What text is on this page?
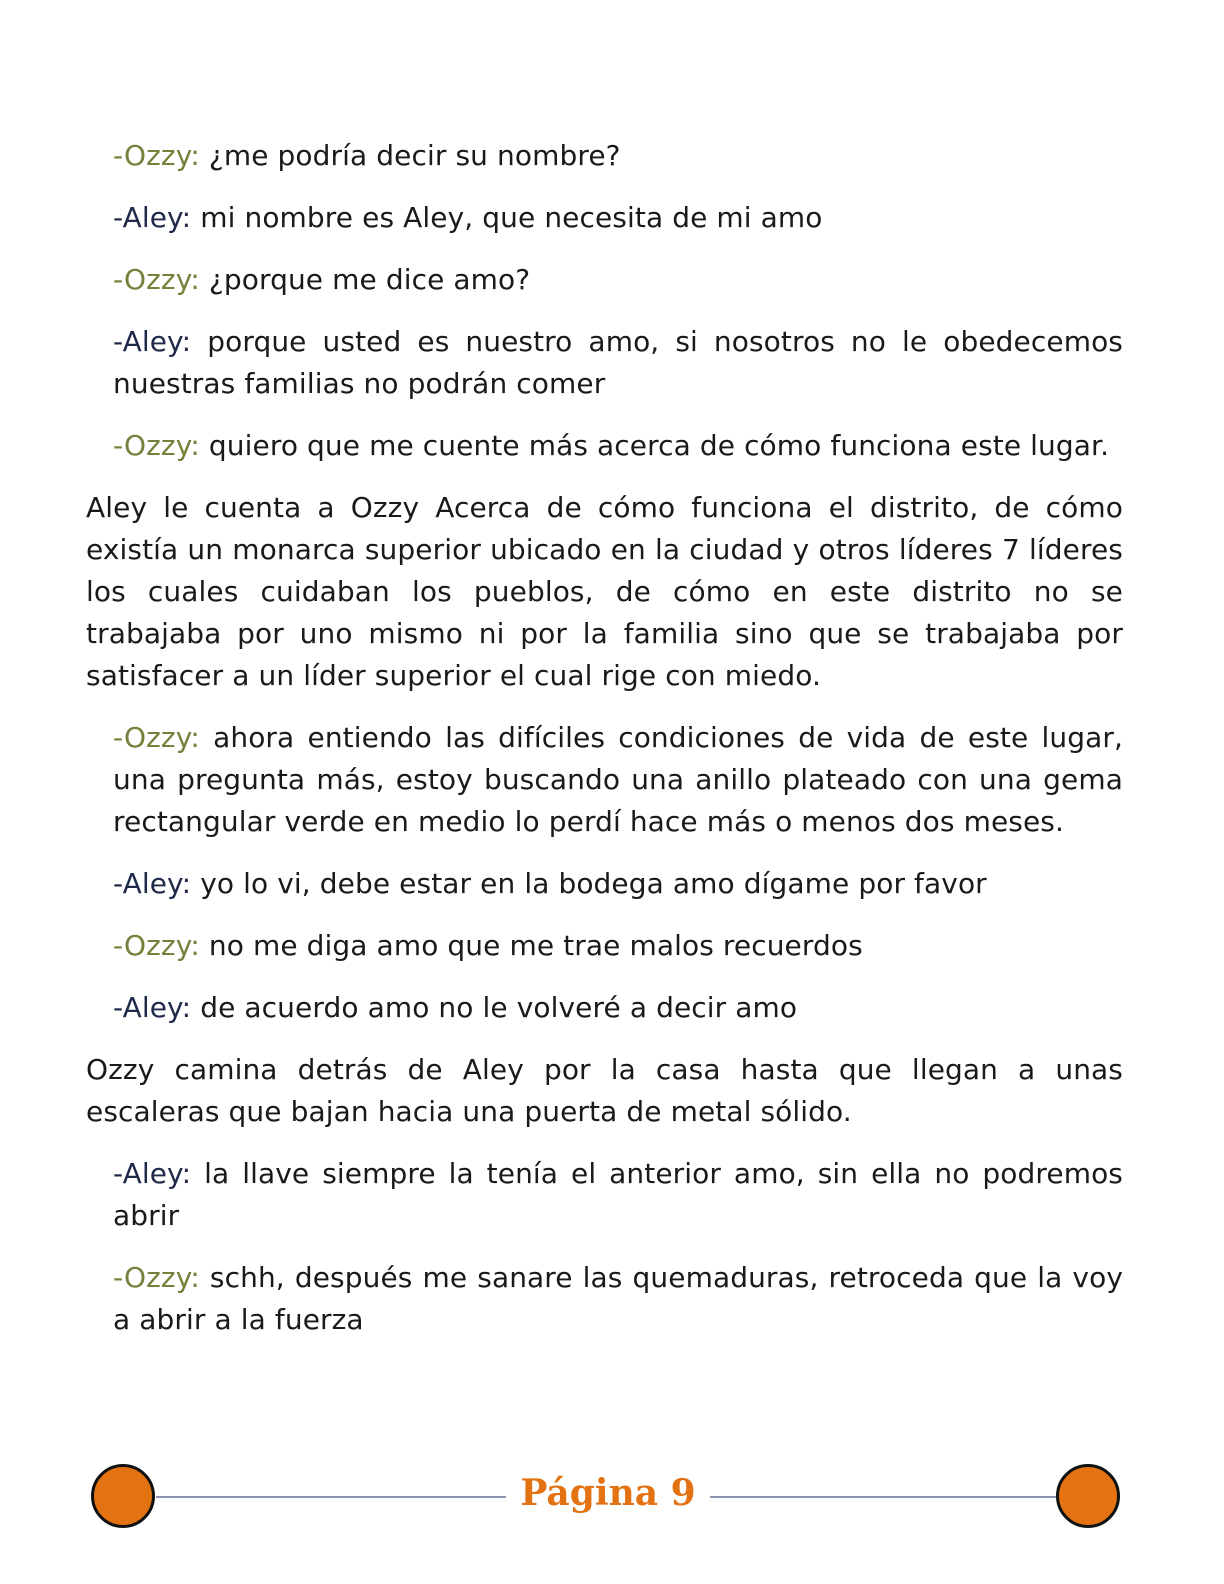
-Ozzy: ¿me podría decir su nombre?

-Aley: mi nombre es Aley, que necesita de mi amo

-Ozzy: ¿porque me dice amo?

-Aley: porque usted es nuestro amo, si nosotros no le obedecemos nuestras familias no podrán comer

-Ozzy: quiero que me cuente más acerca de cómo funciona este lugar.

Aley le cuenta a Ozzy Acerca de cómo funciona el distrito, de cómo existía un monarca superior ubicado en la ciudad y otros líderes 7 líderes los cuales cuidaban los pueblos, de cómo en este distrito no se trabajaba por uno mismo ni por la familia sino que se trabajaba por satisfacer a un líder superior el cual rige con miedo.

-Ozzy: ahora entiendo las difíciles condiciones de vida de este lugar, una pregunta más, estoy buscando una anillo plateado con una gema rectangular verde en medio lo perdí hace más o menos dos meses.

-Aley: yo lo vi, debe estar en la bodega amo dígame por favor

-Ozzy: no me diga amo que me trae malos recuerdos

-Aley: de acuerdo amo no le volveré a decir amo

Ozzy camina detrás de Aley por la casa hasta que llegan a unas escaleras que bajan hacia una puerta de metal sólido.

-Aley: la llave siempre la tenía el anterior amo, sin ella no podremos abrir

-Ozzy: schh, después me sanare las quemaduras, retroceda que la voy a abrir a la fuerza

Página 9
